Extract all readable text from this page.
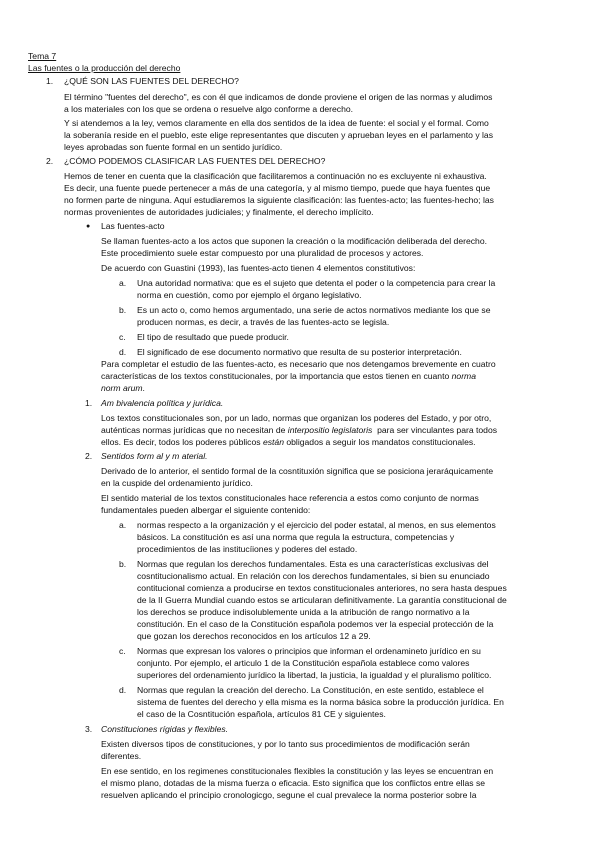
Tema 7
Las fuentes o la producción del derecho
1. ¿QUÉ SON LAS FUENTES DEL DERECHO?
El término "fuentes del derecho", es con él que indicamos de donde proviene el origen de las normas y aludimos
a los materiales con los que se ordena o resuelve algo conforme a derecho.
Y si atendemos a la ley, vemos claramente en ella dos sentidos de la idea de fuente: el social y el formal. Como
la soberanía reside en el pueblo, este elige representantes que discuten y aprueban leyes en el parlamento y las
leyes aprobadas son fuente formal en un sentido jurídico.
2. ¿CÓMO PODEMOS CLASIFICAR LAS FUENTES DEL DERECHO?
Hemos de tener en cuenta que la clasificación que facilitaremos a continuación no es excluyente ni exhaustiva.
Es decir, una fuente puede pertenecer a más de una categoría, y al mismo tiempo, puede que haya fuentes que
no formen parte de ninguna. Aquí estudiaremos la siguiente clasificación: las fuentes-acto; las fuentes-hecho; las
normas provenientes de autoridades judiciales; y finalmente, el derecho implícito.
● Las fuentes-acto
Se llaman fuentes-acto a los actos que suponen la creación o la modificación deliberada del derecho.
Este procedimiento suele estar compuesto por una pluralidad de procesos y actores.
De acuerdo con Guastini (1993), las fuentes-acto tienen 4 elementos constitutivos:
a. Una autoridad normativa: que es el sujeto que detenta el poder o la competencia para crear la
norma en cuestión, como por ejemplo el órgano legislativo.
b. Es un acto o, como hemos argumentado, una serie de actos normativos mediante los que se
producen normas, es decir, a través de las fuentes-acto se legisla.
c. El tipo de resultado que puede producir.
d. El significado de ese documento normativo que resulta de su posterior interpretación.
Para completar el estudio de las fuentes-acto, es necesario que nos detengamos brevemente en cuatro
características de los textos constitucionales, por la importancia que estos tienen en cuanto norma
norm arum.
1. Am bivalencia política y jurídica.
Los textos constitucionales son, por un lado, normas que organizan los poderes del Estado, y por otro,
auténticas normas jurídicas que no necesitan de interpositio legislatoris para ser vinculantes para todos
ellos. Es decir, todos los poderes públicos están obligados a seguir los mandatos constitucionales.
2. Sentidos form al y m aterial.
Derivado de lo anterior, el sentido formal de la cosntituxión significa que se posiciona jeraráquicamente
en la cuspide del ordenamiento jurídico.
El sentido material de los textos constitucionales hace referencia a estos como conjunto de normas
fundamentales pueden albergar el siguiente contenido:
a. normas respecto a la organización y el ejercicio del poder estatal, al menos, en sus elementos
básicos. La constitución es así una norma que regula la estructura, competencias y
procedimientos de las institucíiones y poderes del estado.
b. Normas que regulan los derechos fundamentales. Esta es una características exclusivas del
cosntitucionalismo actual. En relación con los derechos fundamentales, si bien su enunciado
contitucional comienza a producirse en textos constitucionales anteriores, no sera hasta despues
de la II Guerra Mundial cuando estos se articularan definitivamente. La garantía constitucional de
los derechos se produce indisolublemente unida a la atribución de rango normativo a la
constitución. En el caso de la Constitución española podemos ver la especial protección de la
que gozan los derechos reconocidos en los artículos 12 a 29.
c. Normas que expresan los valores o principios que informan el ordenamineto jurídico en su
conjunto. Por ejemplo, el articulo 1 de la Constitución española establece como valores
superiores del ordenamiento jurídico la libertad, la justicia, la igualdad y el pluralismo político.
d. Normas que regulan la creación del derecho. La Constitución, en este sentido, establece el
sistema de fuentes del derecho y ella misma es la norma básica sobre la producción jurídica. En
el caso de la Cosntitución española, artículos 81 CE y siguientes.
3. Constituciones rígidas y flexibles.
Existen diversos tipos de constituciones, y por lo tanto sus procedimientos de modificación serán
diferentes.
En ese sentido, en los regimenes constitucionales flexibles la constitución y las leyes se encuentran en
el mismo plano, dotadas de la misma fuerza o eficacia. Esto significa que los conflictos entre ellas se
resuelven aplicando el principio cronologicgo, segune el cual prevalece la norma posterior sobre la
